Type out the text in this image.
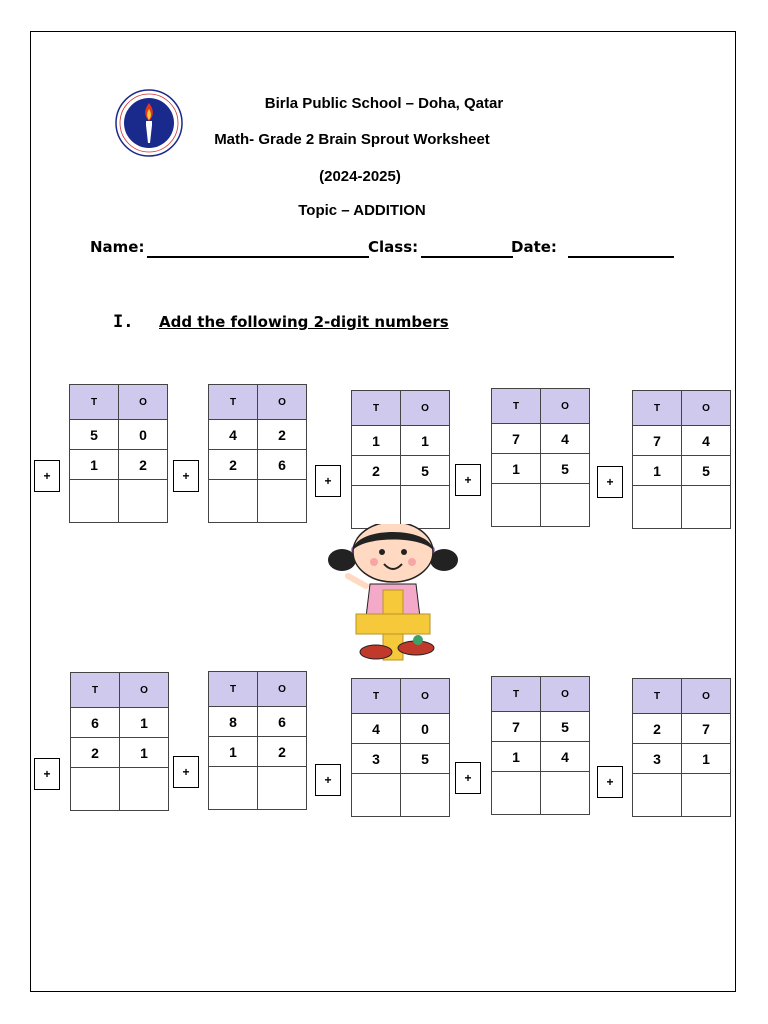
Birla Public School – Doha, Qatar
Math- Grade 2 Brain Sprout Worksheet
(2024-2025)
Topic – ADDITION
Name:	Class:	Date:
I. Add the following 2-digit numbers
+
T	O
5	0
1	2

+
T	O
4	2
2	6

+
T	O
1	1
2	5

+
T	O
7	4
1	5

+
T	O
7	4
1	5

+
T	O
6	1
2	1

+
T	O
8	6
1	2

+
T	O
4	0
3	5

+
T	O
7	5
1	4

+
T	O
2	7
3	1
